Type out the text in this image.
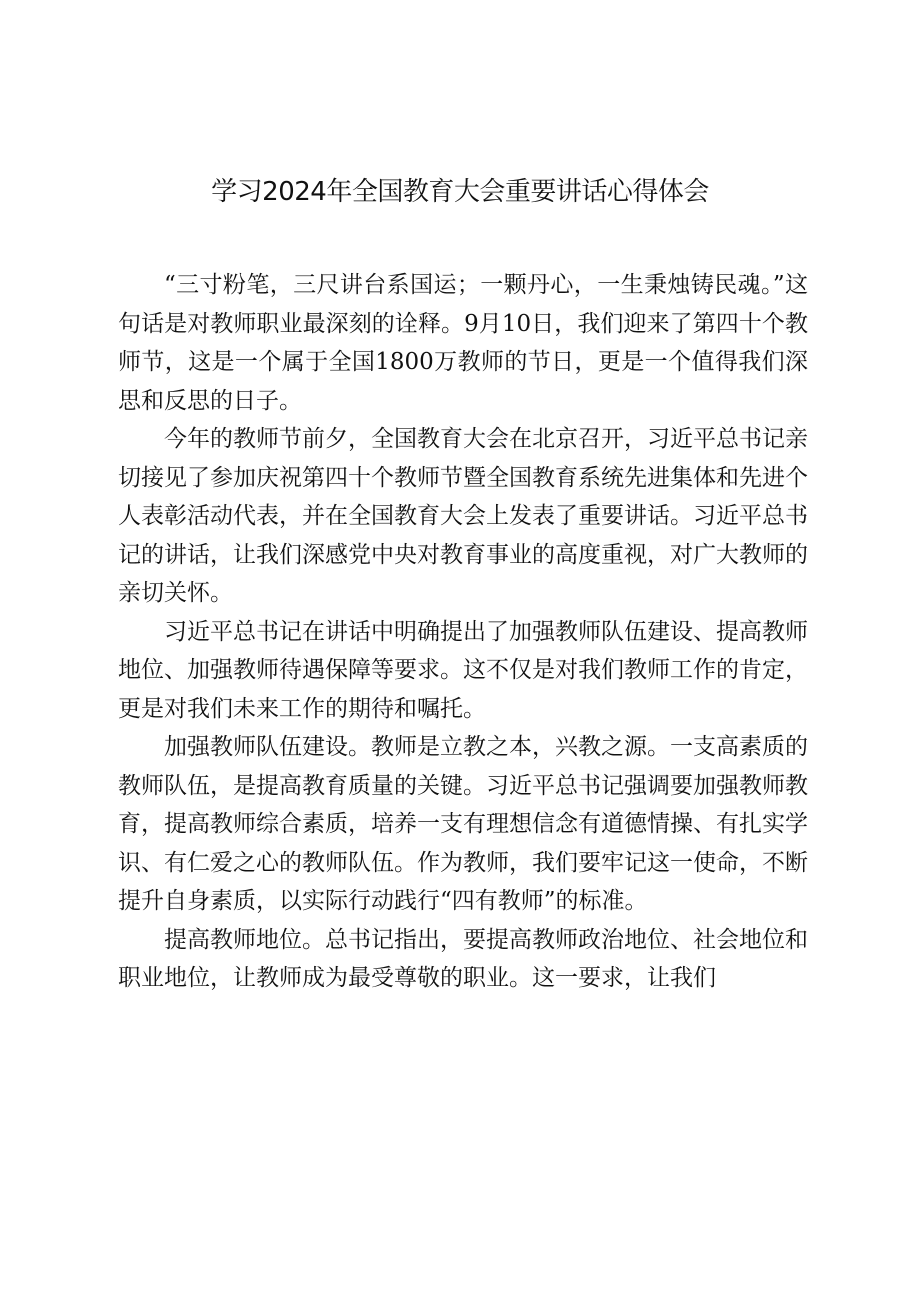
学习2024年全国教育大会重要讲话心得体会

“三寸粉笔，三尺讲台系国运；一颗丹心，一生秉烛铸民魂。”这句话是对教师职业最深刻的诠释。9月10日，我们迎来了第四十个教师节，这是一个属于全国1800万教师的节日，更是一个值得我们深思和反思的日子。

今年的教师节前夕，全国教育大会在北京召开，习近平总书记亲切接见了参加庆祝第四十个教师节暨全国教育系统先进集体和先进个人表彰活动代表，并在全国教育大会上发表了重要讲话。习近平总书记的讲话，让我们深感党中央对教育事业的高度重视，对广大教师的亲切关怀。

习近平总书记在讲话中明确提出了加强教师队伍建设、提高教师地位、加强教师待遇保障等要求。这不仅是对我们教师工作的肯定，更是对我们未来工作的期待和嘱托。

加强教师队伍建设。教师是立教之本，兴教之源。一支高素质的教师队伍，是提高教育质量的关键。习近平总书记强调要加强教师教育，提高教师综合素质，培养一支有理想信念有道德情操、有扎实学识、有仁爱之心的教师队伍。作为教师，我们要牢记这一使命，不断提升自身素质，以实际行动践行“四有教师”的标准。

提高教师地位。总书记指出，要提高教师政治地位、社会地位和职业地位，让教师成为最受尊敬的职业。这一要求，让我们
